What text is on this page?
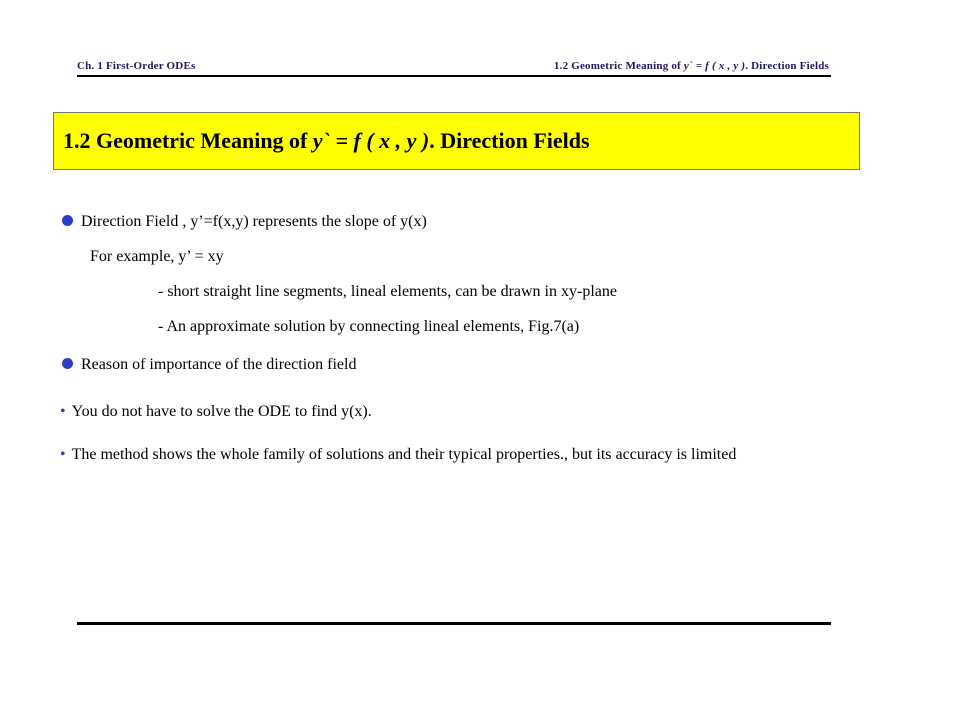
Ch. 1 First-Order ODEs	1.2 Geometric Meaning of y` = f ( x , y ). Direction Fields
1.2 Geometric Meaning of y` = f ( x , y ). Direction Fields
Direction Field , y’=f(x,y) represents the slope of y(x)
For example, y’ = xy
- short straight line segments, lineal elements, can be drawn in xy-plane
- An approximate solution by connecting lineal elements, Fig.7(a)
Reason of importance of the direction field
• You do not have to solve the ODE to find y(x).
• The method shows the whole family of solutions and their typical properties., but its accuracy is limited
